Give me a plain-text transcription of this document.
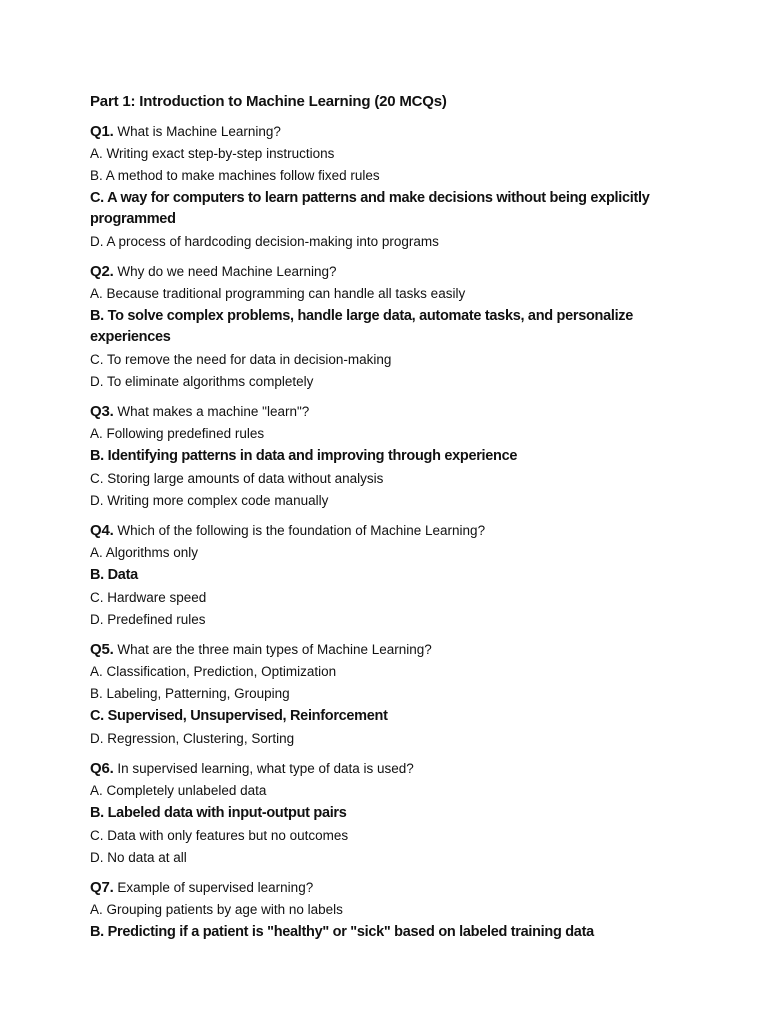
Part 1: Introduction to Machine Learning (20 MCQs)
Q1. What is Machine Learning?
A. Writing exact step-by-step instructions
B. A method to make machines follow fixed rules
C. A way for computers to learn patterns and make decisions without being explicitly programmed
D. A process of hardcoding decision-making into programs
Q2. Why do we need Machine Learning?
A. Because traditional programming can handle all tasks easily
B. To solve complex problems, handle large data, automate tasks, and personalize experiences
C. To remove the need for data in decision-making
D. To eliminate algorithms completely
Q3. What makes a machine "learn"?
A. Following predefined rules
B. Identifying patterns in data and improving through experience
C. Storing large amounts of data without analysis
D. Writing more complex code manually
Q4. Which of the following is the foundation of Machine Learning?
A. Algorithms only
B. Data
C. Hardware speed
D. Predefined rules
Q5. What are the three main types of Machine Learning?
A. Classification, Prediction, Optimization
B. Labeling, Patterning, Grouping
C. Supervised, Unsupervised, Reinforcement
D. Regression, Clustering, Sorting
Q6. In supervised learning, what type of data is used?
A. Completely unlabeled data
B. Labeled data with input-output pairs
C. Data with only features but no outcomes
D. No data at all
Q7. Example of supervised learning?
A. Grouping patients by age with no labels
B. Predicting if a patient is "healthy" or "sick" based on labeled training data
